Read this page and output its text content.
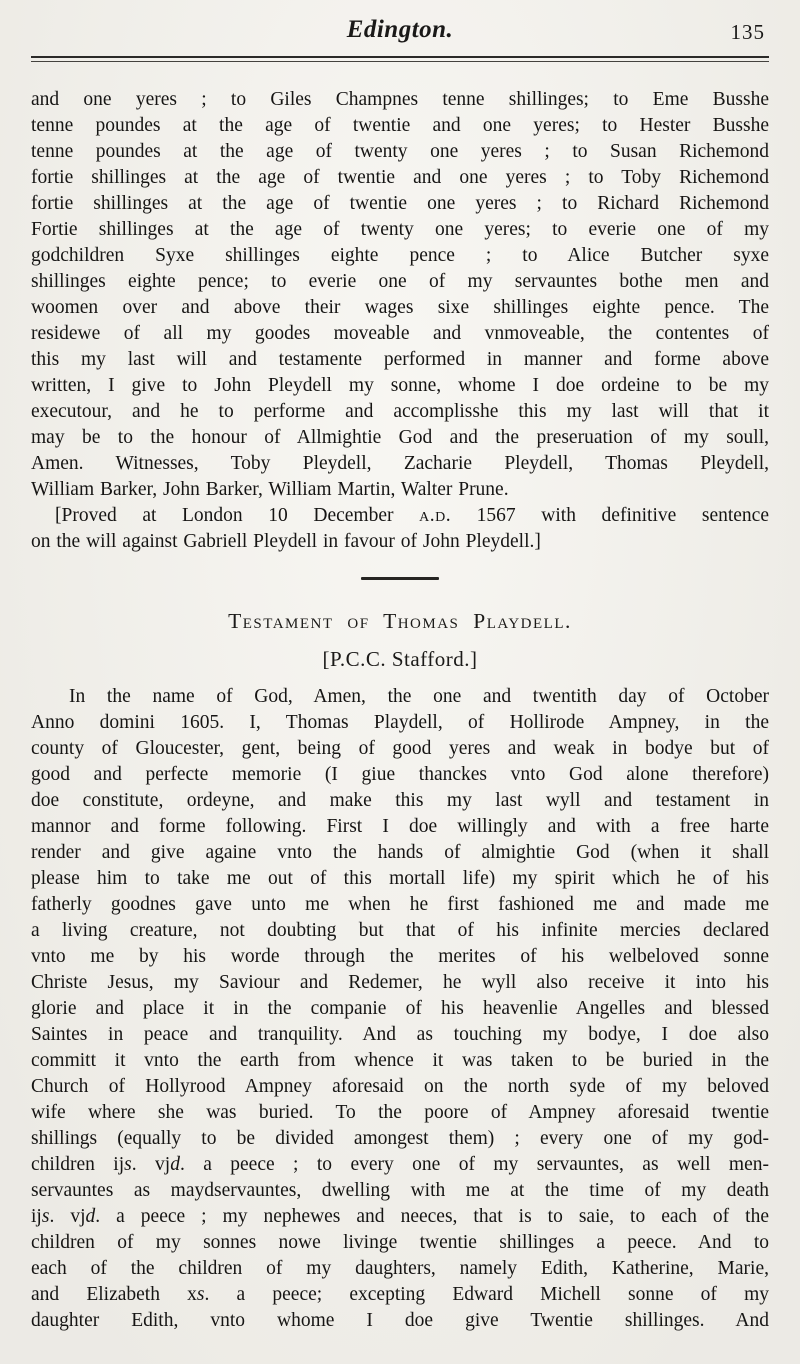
Edington.	135
and one yeres ; to Giles Champnes tenne shillinges; to Eme Busshe
tenne poundes at the age of twentie and one yeres; to Hester Busshe
tenne poundes at the age of twenty one yeres ; to Susan Richemond
fortie shillinges at the age of twentie and one yeres ; to Toby Richemond
fortie shillinges at the age of twentie one yeres ; to Richard Richemond
Fortie shillinges at the age of twenty one yeres; to everie one of my
godchildren Syxe shillinges eighte pence ; to Alice Butcher syxe
shillinges eighte pence; to everie one of my servauntes bothe men and
woomen over and above their wages sixe shillinges eighte pence. The
residewe of all my goodes moveable and vnmoveable, the contentes of
this my last will and testamente performed in manner and forme above
written, I give to John Pleydell my sonne, whome I doe ordeine to be my
executour, and he to performe and accomplisshe this my last will that it
may be to the honour of Allmightie God and the preseruation of my soull,
Amen. Witnesses, Toby Pleydell, Zacharie Pleydell, Thomas Pleydell,
William Barker, John Barker, William Martin, Walter Prune.
[Proved at London 10 December a.d. 1567 with definitive sentence
on the will against Gabriell Pleydell in favour of John Pleydell.]
Testament of Thomas Playdell.
[P.C.C. Stafford.]
In the name of God, Amen, the one and twentith day of October
Anno domini 1605. I, Thomas Playdell, of Hollirode Ampney, in the
county of Gloucester, gent, being of good yeres and weak in bodye but of
good and perfecte memorie (I giue thanckes vnto God alone therefore)
doe constitute, ordeyne, and make this my last wyll and testament in
mannor and forme following. First I doe willingly and with a free harte
render and give againe vnto the hands of almightie God (when it shall
please him to take me out of this mortall life) my spirit which he of his
fatherly goodnes gave unto me when he first fashioned me and made me
a living creature, not doubting but that of his infinite mercies declared
vnto me by his worde through the merites of his welbeloved sonne
Christe Jesus, my Saviour and Redemer, he wyll also receive it into his
glorie and place it in the companie of his heavenlie Angelles and blessed
Saintes in peace and tranquility. And as touching my bodye, I doe also
committ it vnto the earth from whence it was taken to be buried in the
Church of Hollyrood Ampney aforesaid on the north syde of my beloved
wife where she was buried. To the poore of Ampney aforesaid twentie
shillings (equally to be divided amongest them) ; every one of my god-
children ijs. vjd. a peece ; to every one of my servauntes, as well men-
servauntes as maydservauntes, dwelling with me at the time of my death
ijs. vjd. a peece ; my nephewes and neeces, that is to saie, to each of the
children of my sonnes nowe livinge twentie shillinges a peece. And to
each of the children of my daughters, namely Edith, Katherine, Marie,
and Elizabeth xs. a peece; excepting Edward Michell sonne of my
daughter Edith, vnto whome I doe give Twentie shillinges. And
